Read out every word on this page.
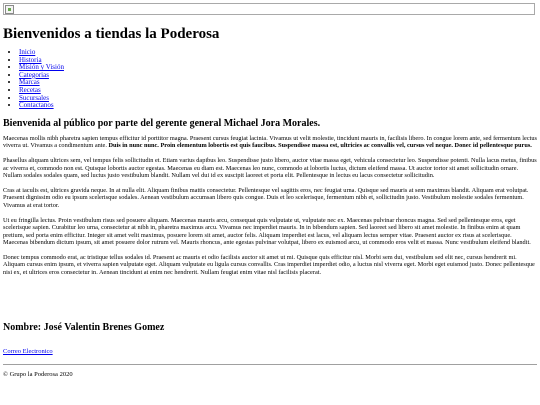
Bienvenidos a tiendas la Poderosa
• Inicio
• Historia
• Misión y Visión
• Categorias
• Marcas
• Recetas
• Sucursales
• Contactanos
Bienvenida al público por parte del gerente general Michael Jora Morales.

Maecenas mollis nibh pharetra sapien tempus efficitur id porttitor magna. Praesent cursus feugiat lacinia. Vivamus ut velit molestie, tincidunt mauris in, facilisis libero. In congue lorem ante, sed fermentum lectus viverra ut. Vivamus a condimentum ante. Duis in nunc nunc. Proin elementum lobortis est quis faucibus. Suspendisse massa est, ultricies ac convallis vel, cursus vel neque. Donec id pellentesque purus.

Phasellus aliquam ultrices sem, vel tempus felis sollicitudin et. Etiam varius dapibus leo. Suspendisse justo libero, auctor vitae massa eget, vehicula consectetur leo. Suspendisse potenti. Nulla lacus metus, finibus ac viverra et, commodo non est. Quisque lobortis auctor egestas. Maecenas eu diam est. Maecenas leo nunc, commodo at lobortis luctus, dictum eleifend massa. Ut auctor tortor sit amet sollicitudin ornare. Nullam sodales sodales quam, sed luctus justo vestibulum blandit. Nullam vel dui id ex suscipit laoreet et porta elit. Pellentesque in lectus eu lacus consectetur sollicitudin.

Cras at iaculis est, ultrices gravida neque. In at nulla elit. Aliquam finibus mattis consectetur. Pellentesque vel sagittis eros, nec feugiat urna. Quisque sed mauris at sem maximus blandit. Aliquam erat volutpat. Praesent dignissim odio eu ipsum scelerisque sodales. Aenean vestibulum accumsan libero quis congue. Duis et leo scelerisque, fermentum nibh et, sollicitudin justo. Vestibulum molestie sodales fermentum. Vivamus at erat tortor.

Ut eu fringilla lectus. Proin vestibulum risus sed posuere aliquam. Maecenas mauris arcu, consequat quis vulputate ut, vulputate nec ex. Maecenas pulvinar rhoncus magna. Sed sed pellentesque eros, eget scelerisque sapien. Curabitur leo urna, consectetur at nibh in, pharetra maximus arcu. Vivamus nec imperdiet mauris. In in bibendum sapien. Sed laoreet sed libero sit amet molestie. In finibus enim at quam pretium, sed porta enim efficitur. Integer sit amet velit maximus, posuere lorem sit amet, auctor felis. Aliquam imperdiet est lacus, vel aliquam lectus semper vitae. Praesent auctor ex risus at scelerisque. Maecenas bibendum dictum ipsum, sit amet posuere dolor rutrum vel. Mauris rhoncus, ante egestas pulvinar volutpat, libero ex euismod arcu, ut commodo eros velit et massa. Nunc vestibulum eleifend blandit.

Donec tempus commodo erat, ac tristique tellus sodales id. Praesent ac mauris et odio facilisis auctor sit amet ut mi. Quisque quis efficitur nisl. Morbi sem dui, vestibulum sed elit nec, cursus hendrerit mi. Aliquam cursus enim ipsum, et viverra sapien vulputate eget. Aliquam vulputate eu ligula cursus convallis. Cras imperdiet imperdiet odio, a luctus nisl viverra eget. Morbi eget euismod justo. Donec pellentesque nisi ex, et ultrices eros consectetur in. Aenean tincidunt at enim nec hendrerit. Nullam feugiat enim vitae nisl facilisis placerat.

Nombre: José Valentin Brenes Gomez
Correo Electronico
© Grupo la Poderosa 2020
